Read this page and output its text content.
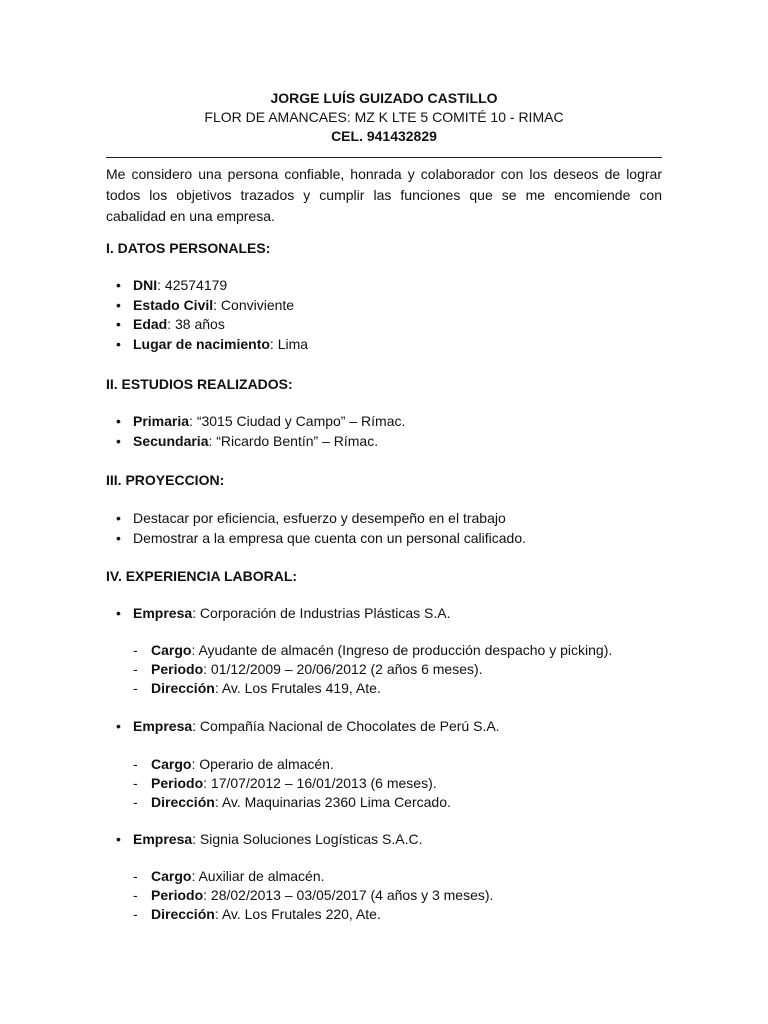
JORGE LUÍS GUIZADO CASTILLO
FLOR DE AMANCAES: MZ K LTE 5 COMITÉ 10 - RIMAC
CEL. 941432829
Me considero una persona confiable, honrada y colaborador con los deseos de lograr todos los objetivos trazados y cumplir las funciones que se me encomiende con cabalidad en una empresa.
I. DATOS PERSONALES:
• DNI: 42574179
• Estado Civil: Conviviente
• Edad: 38 años
• Lugar de nacimiento: Lima
II. ESTUDIOS REALIZADOS:
• Primaria: “3015 Ciudad y Campo” – Rímac.
• Secundaria: “Ricardo Bentín” – Rímac.
III. PROYECCION:
• Destacar por eficiencia, esfuerzo y desempeño en el trabajo
• Demostrar a la empresa que cuenta con un personal calificado.
IV. EXPERIENCIA LABORAL:
• Empresa: Corporación de Industrias Plásticas S.A.
- Cargo: Ayudante de almacén (Ingreso de producción despacho y picking).
- Periodo: 01/12/2009 – 20/06/2012 (2 años 6 meses).
- Dirección: Av. Los Frutales 419, Ate.
• Empresa: Compañía Nacional de Chocolates de Perú S.A.
- Cargo: Operario de almacén.
- Periodo: 17/07/2012 – 16/01/2013 (6 meses).
- Dirección: Av. Maquinarias 2360 Lima Cercado.
• Empresa: Signia Soluciones Logísticas S.A.C.
- Cargo: Auxiliar de almacén.
- Periodo: 28/02/2013 – 03/05/2017 (4 años y 3 meses).
- Dirección: Av. Los Frutales 220, Ate.
